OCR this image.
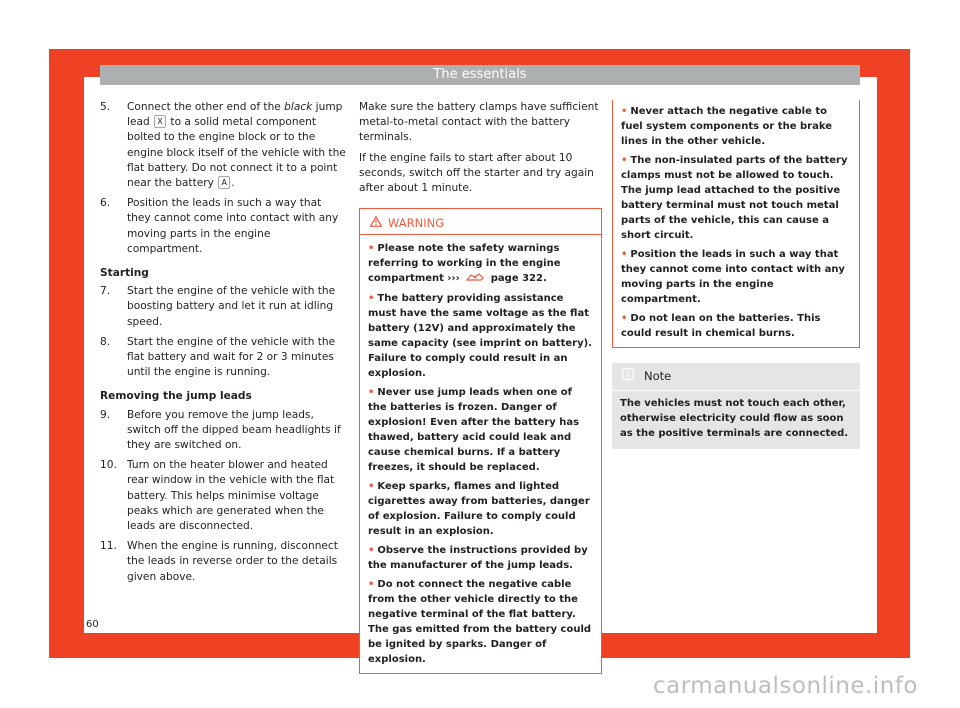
The essentials
5. Connect the other end of the black jump lead X to a solid metal component bolted to the engine block or to the engine block itself of the vehicle with the flat battery. Do not connect it to a point near the battery A .
6. Position the leads in such a way that they cannot come into contact with any moving parts in the engine compartment.
Starting
7. Start the engine of the vehicle with the boosting battery and let it run at idling speed.
8. Start the engine of the vehicle with the flat battery and wait for 2 or 3 minutes until the engine is running.
Removing the jump leads
9. Before you remove the jump leads, switch off the dipped beam headlights if they are switched on.
10. Turn on the heater blower and heated rear window in the vehicle with the flat battery. This helps minimise voltage peaks which are generated when the leads are disconnected.
11. When the engine is running, disconnect the leads in reverse order to the details given above.

Make sure the battery clamps have sufficient metal-to-metal contact with the battery terminals.

If the engine fails to start after about 10 seconds, switch off the starter and try again after about 1 minute.

WARNING
• Please note the safety warnings referring to working in the engine compartment ›››	page 322.
• The battery providing assistance must have the same voltage as the flat battery (12V) and approximately the same capacity (see imprint on battery). Failure to comply could result in an explosion.
• Never use jump leads when one of the batteries is frozen. Danger of explosion! Even after the battery has thawed, battery acid could leak and cause chemical burns. If a battery freezes, it should be replaced.
• Keep sparks, flames and lighted cigarettes away from batteries, danger of explosion. Failure to comply could result in an explosion.
• Observe the instructions provided by the manufacturer of the jump leads.
• Do not connect the negative cable from the other vehicle directly to the negative terminal of the flat battery. The gas emitted from the battery could be ignited by sparks. Danger of explosion.
• Never attach the negative cable to fuel system components or the brake lines in the other vehicle.
• The non-insulated parts of the battery clamps must not be allowed to touch. The jump lead attached to the positive battery terminal must not touch metal parts of the vehicle, this can cause a short circuit.
• Position the leads in such a way that they cannot come into contact with any moving parts in the engine compartment.
• Do not lean on the batteries. This could result in chemical burns.
Note
The vehicles must not touch each other, otherwise electricity could flow as soon as the positive terminals are connected.
60
carmanualsonline.info
